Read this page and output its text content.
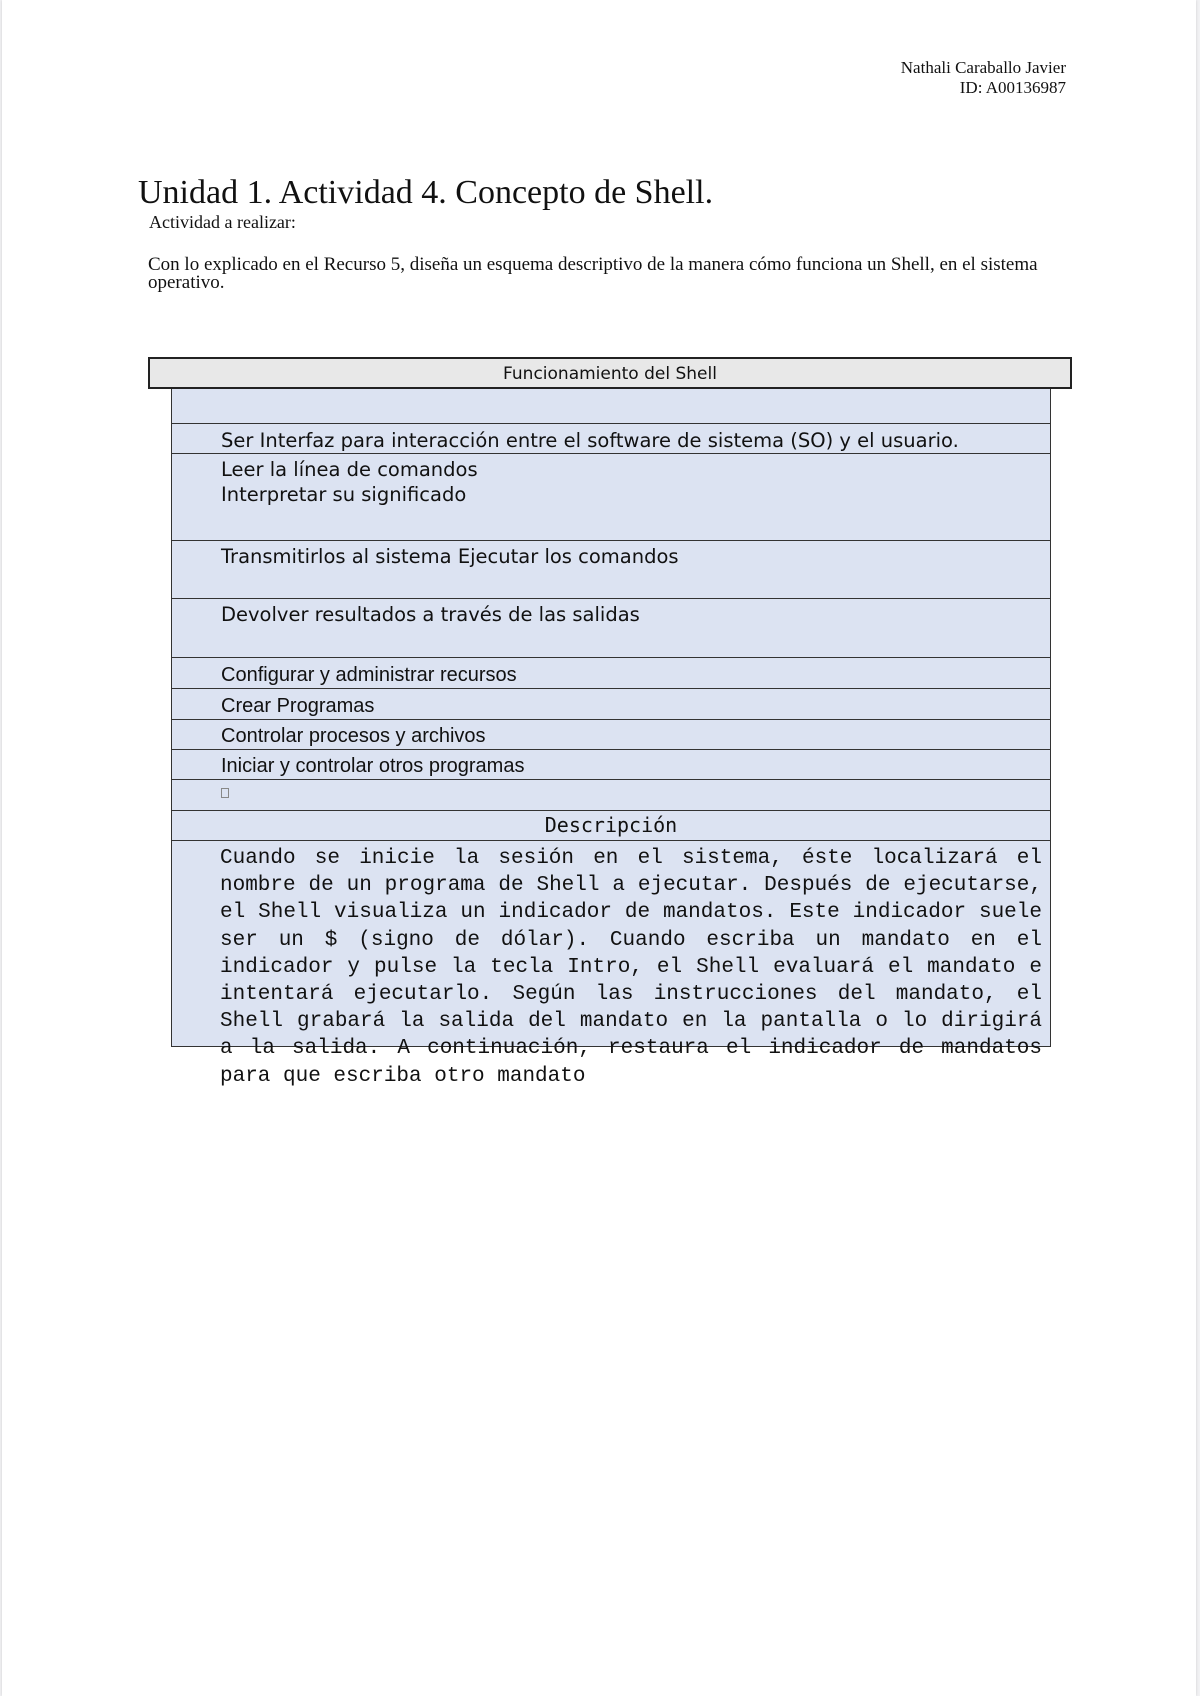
Nathali Caraballo Javier
ID: A00136987
Unidad 1. Actividad 4. Concepto de Shell.
Actividad a realizar:
Con lo explicado en el Recurso 5, diseña un esquema descriptivo de la manera cómo funciona un Shell, en el sistema operativo.
Funcionamiento del Shell
Ser Interfaz para interacción entre el software de sistema (SO) y el usuario.
Leer la línea de comandos
Interpretar su significado
Transmitirlos al sistema Ejecutar los comandos
Devolver resultados a través de las salidas
Configurar y administrar recursos
Crear Programas
Controlar procesos y archivos
Iniciar y controlar otros programas
Descripción
Cuando se inicie la sesión en el sistema, éste localizará el nombre de un programa de Shell a ejecutar. Después de ejecutarse, el Shell visualiza un indicador de mandatos. Este indicador suele ser un $ (signo de dólar). Cuando escriba un mandato en el indicador y pulse la tecla Intro, el Shell evaluará el mandato e intentará ejecutarlo. Según las instrucciones del mandato, el Shell grabará la salida del mandato en la pantalla o lo dirigirá a la salida. A continuación, restaura el indicador de mandatos para que escriba otro mandato
